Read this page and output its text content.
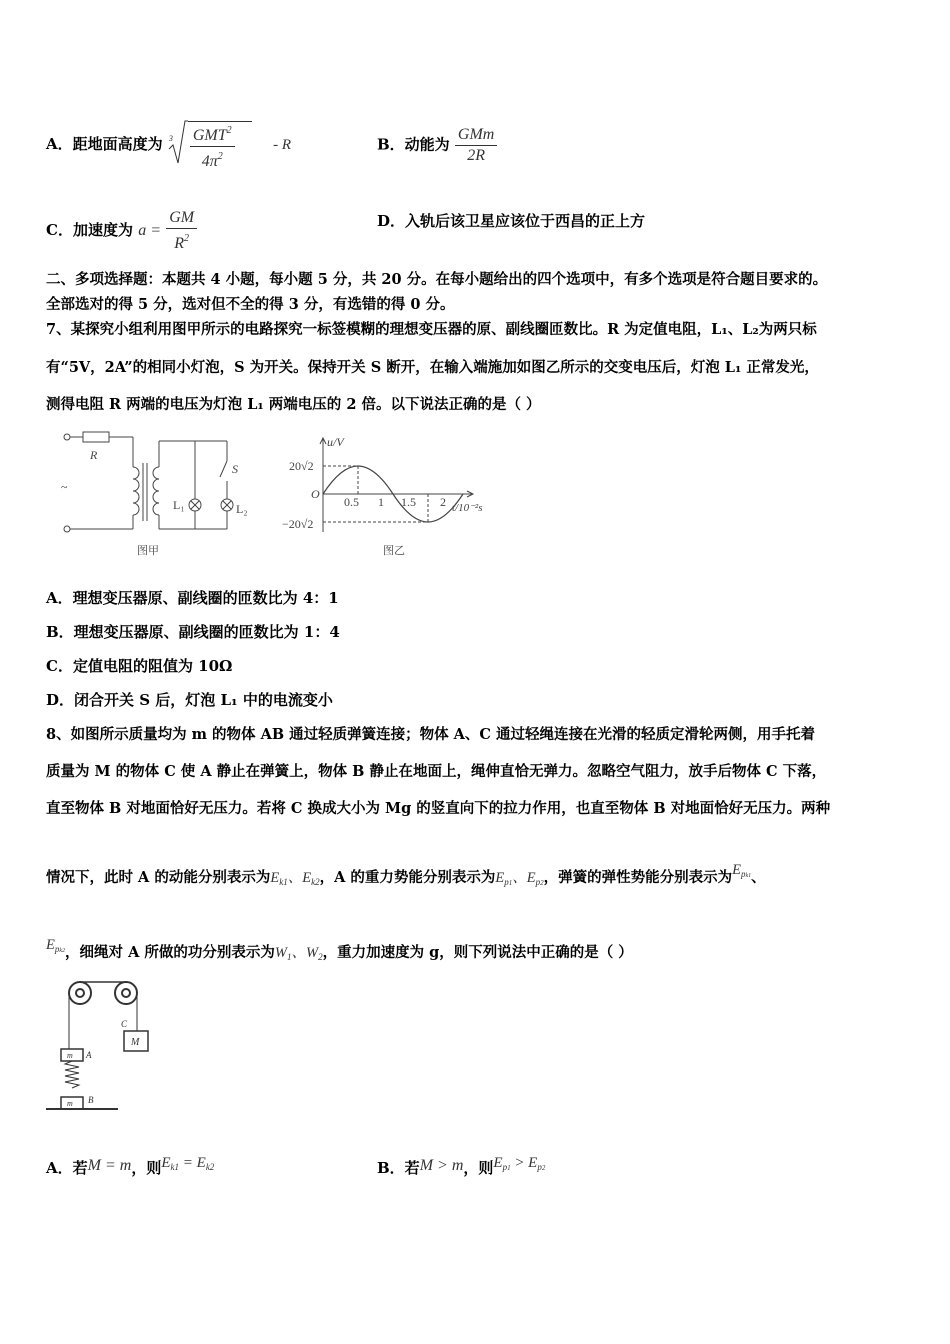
A．距地面高度为 3 GMT$^2$
$4\pi^2$
- R	B．动能为 $\frac{\text{GMm}}{2R}$
C．加速度为 $a = \frac{GM}{R^2}$	D．入轨后该卫星应该位于西昌的正上方
二、多项选择题：本题共 4 小题，每小题 5 分，共 20 分。在每小题给出的四个选项中，有多个选项是符合题目要求的。
全部选对的得 5 分，选对但不全的得 3 分，有选错的得 0 分。
7、某探究小组利用图甲所示的电路探究一标签模糊的理想变压器的原、副线圈匝数比。R 为定值电阻，L₁、L₂为两只标
有“5V，2A”的相同小灯泡，S 为开关。保持开关 S 断开，在输入端施加如图乙所示的交变电压后，灯泡 L₁ 正常发光，
测得电阻 R 两端的电压为灯泡 L₁ 两端电压的 2 倍。以下说法正确的是（ ）
R
~
S
L₁	L₂
图甲
u/V
20√2
−20√2
O
0.5 1 1.5 2 t/10⁻²s
图乙
A．理想变压器原、副线圈的匝数比为 4：1
B．理想变压器原、副线圈的匝数比为 1：4
C．定值电阻的阻值为 10Ω
D．闭合开关 S 后，灯泡 L₁ 中的电流变小
8、如图所示质量均为 m 的物体 AB 通过轻质弹簧连接；物体 A、C 通过轻绳连接在光滑的轻质定滑轮两侧，用手托着
质量为 M 的物体 C 使 A 静止在弹簧上，物体 B 静止在地面上，绳伸直恰无弹力。忽略空气阻力，放手后物体 C 下落，
直至物体 B 对地面恰好无压力。若将 C 换成大小为 Mg 的竖直向下的拉力作用，也直至物体 B 对地面恰好无压力。两种
情况下，此时 A 的动能分别表示为$E_{k1}$、$E_{k2}$，A 的重力势能分别表示为$E_{p1}$、$E_{p2}$，弹簧的弹性势能分别表示为$E_{pk1}$、
$E_{pk2}$，细绳对 A 所做的功分别表示为$W_1$、$W_2$，重力加速度为 g，则下列说法中正确的是（ ）
C
M
A
m
B
m
A．若M = m，则$E_{k1} = E_{k2}$	B．若M > m，则$E_{p1} > E_{p2}$
